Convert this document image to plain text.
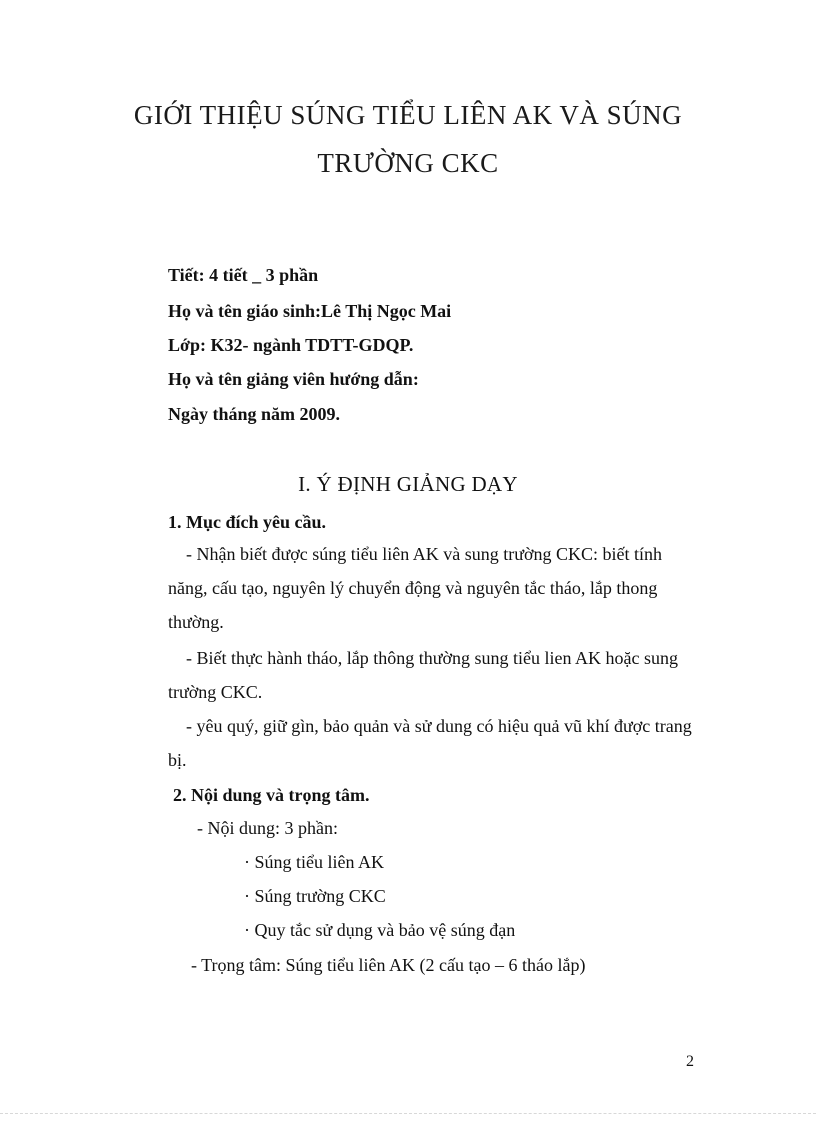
GIỚI THIỆU SÚNG TIỂU LIÊN AK VÀ SÚNG
TRƯỜNG CKC
Tiết: 4 tiết _ 3 phần
Họ và tên giáo sinh:Lê Thị Ngọc Mai
Lớp: K32- ngành TDTT-GDQP.
Họ và tên giảng viên hướng dẫn:
Ngày tháng năm 2009.
I. Ý ĐỊNH GIẢNG DẠY
1. Mục đích yêu cầu.
- Nhận biết được súng tiểu liên AK và sung trường CKC: biết tính năng, cấu tạo, nguyên lý chuyển động và nguyên tắc tháo, lắp thong thường.
- Biết thực hành tháo, lắp thông thường sung tiểu lien AK hoặc sung trường CKC.
- yêu quý, giữ gìn, bảo quản và sử dung có hiệu quả vũ khí được trang bị.
2. Nội dung và trọng tâm.
- Nội dung: 3 phần:
· Súng tiểu liên AK
· Súng trường CKC
· Quy tắc sử dụng và bảo vệ súng đạn
- Trọng tâm: Súng tiểu liên AK (2 cấu tạo – 6 tháo lắp)
2
